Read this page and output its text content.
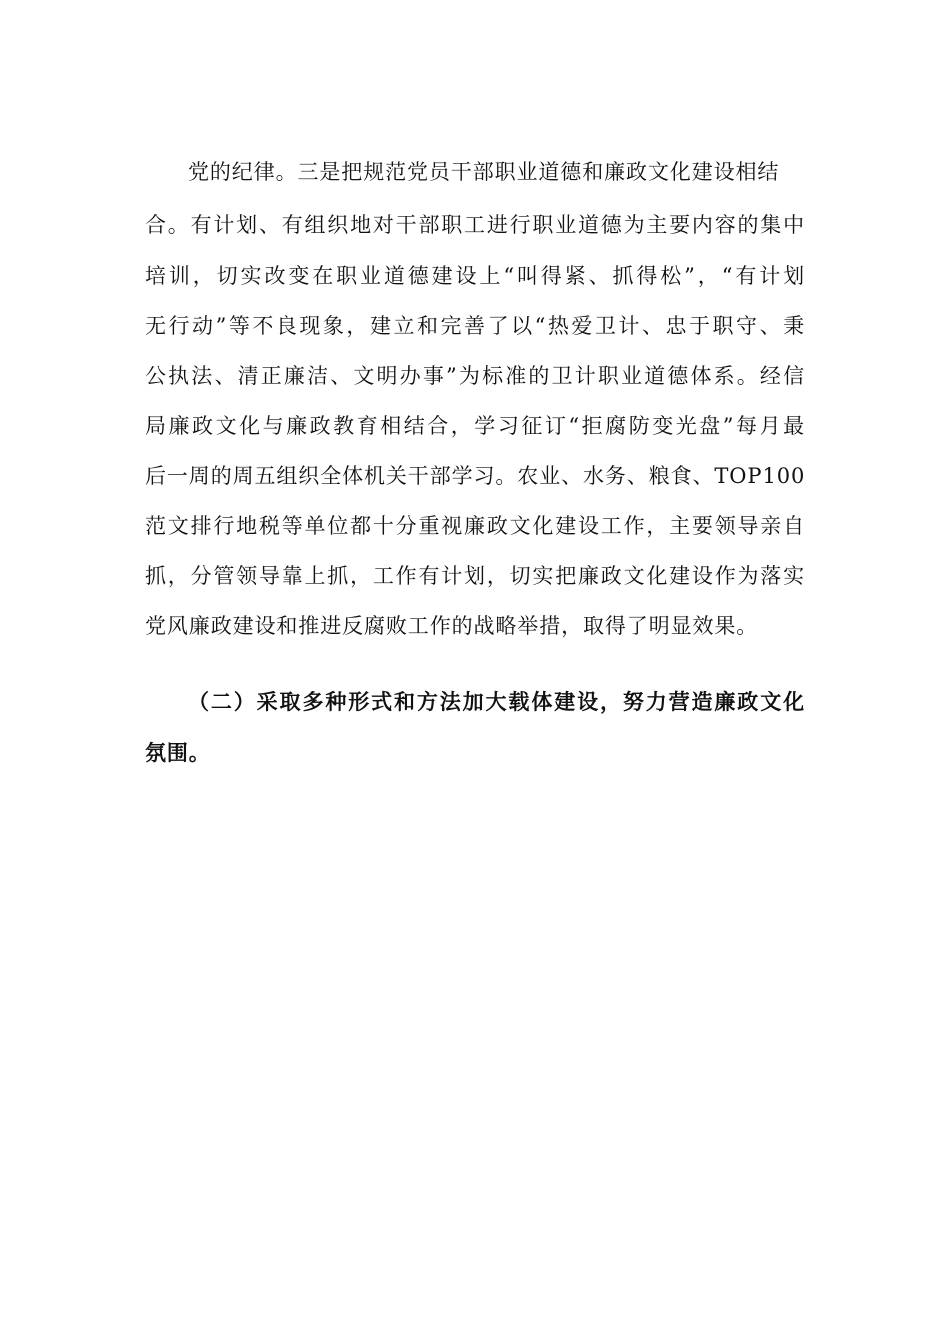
党的纪律。三是把规范党员干部职业道德和廉政文化建设相结
合。有计划、有组织地对干部职工进行职业道德为主要内容的集中
培训，切实改变在职业道德建设上“叫得紧、抓得松”，“有计划
无行动”等不良现象，建立和完善了以“热爱卫计、忠于职守、秉
公执法、清正廉洁、文明办事”为标准的卫计职业道德体系。经信
局廉政文化与廉政教育相结合，学习征订“拒腐防变光盘”每月最
后一周的周五组织全体机关干部学习。农业、水务、粮食、TOP100
范文排行地税等单位都十分重视廉政文化建设工作，主要领导亲自
抓，分管领导靠上抓，工作有计划，切实把廉政文化建设作为落实
党风廉政建设和推进反腐败工作的战略举措，取得了明显效果。
（二）采取多种形式和方法加大载体建设，努力营造廉政文化
氛围。
